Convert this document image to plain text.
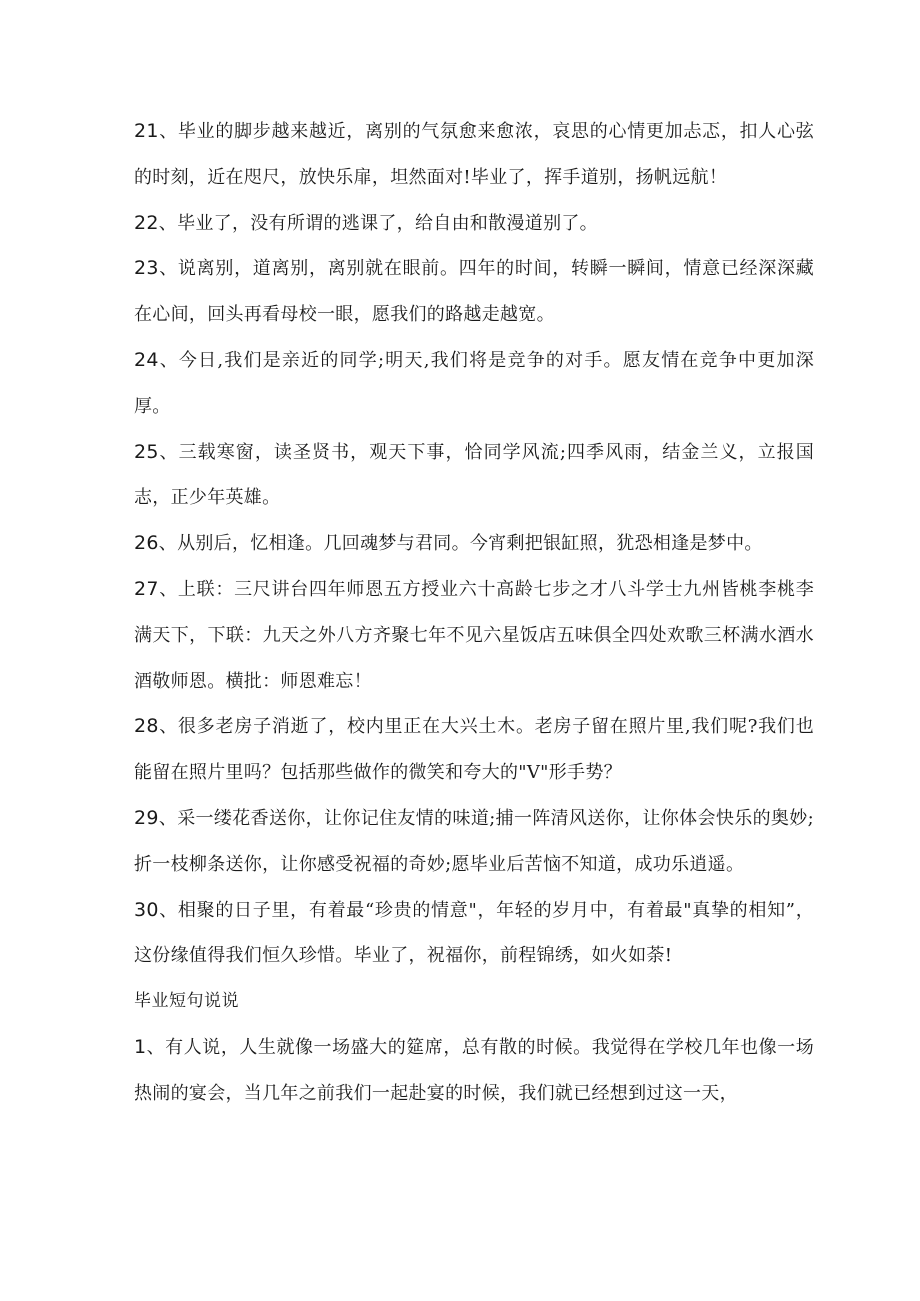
21、毕业的脚步越来越近，离别的气氛愈来愈浓，哀思的心情更加忐忑，扣人心弦的时刻，近在咫尺，放快乐扉，坦然面对!毕业了，挥手道别，扬帆远航！

22、毕业了，没有所谓的逃课了，给自由和散漫道别了。

23、说离别，道离别，离别就在眼前。四年的时间，转瞬一瞬间，情意已经深深藏在心间，回头再看母校一眼，愿我们的路越走越宽。

24、今日,我们是亲近的同学;明天,我们将是竞争的对手。愿友情在竞争中更加深厚。

25、三载寒窗，读圣贤书，观天下事，恰同学风流;四季风雨，结金兰义，立报国志，正少年英雄。

26、从别后，忆相逢。几回魂梦与君同。今宵剩把银缸照，犹恐相逢是梦中。

27、上联：三尺讲台四年师恩五方授业六十高龄七步之才八斗学士九州皆桃李桃李满天下，下联：九天之外八方齐聚七年不见六星饭店五味俱全四处欢歌三杯满水酒水酒敬师恩。横批：师恩难忘！

28、很多老房子消逝了，校内里正在大兴土木。老房子留在照片里,我们呢?我们也能留在照片里吗？包括那些做作的微笑和夸大的"V"形手势？

29、采一缕花香送你，让你记住友情的味道;捕一阵清风送你，让你体会快乐的奥妙;折一枝柳条送你，让你感受祝福的奇妙;愿毕业后苦恼不知道，成功乐逍遥。

30、相聚的日子里，有着最“珍贵的情意"，年轻的岁月中，有着最"真挚的相知”，这份缘值得我们恒久珍惜。毕业了，祝福你，前程锦绣，如火如荼!

毕业短句说说

1、有人说，人生就像一场盛大的筵席，总有散的时候。我觉得在学校几年也像一场热闹的宴会，当几年之前我们一起赴宴的时候，我们就已经想到过这一天，
